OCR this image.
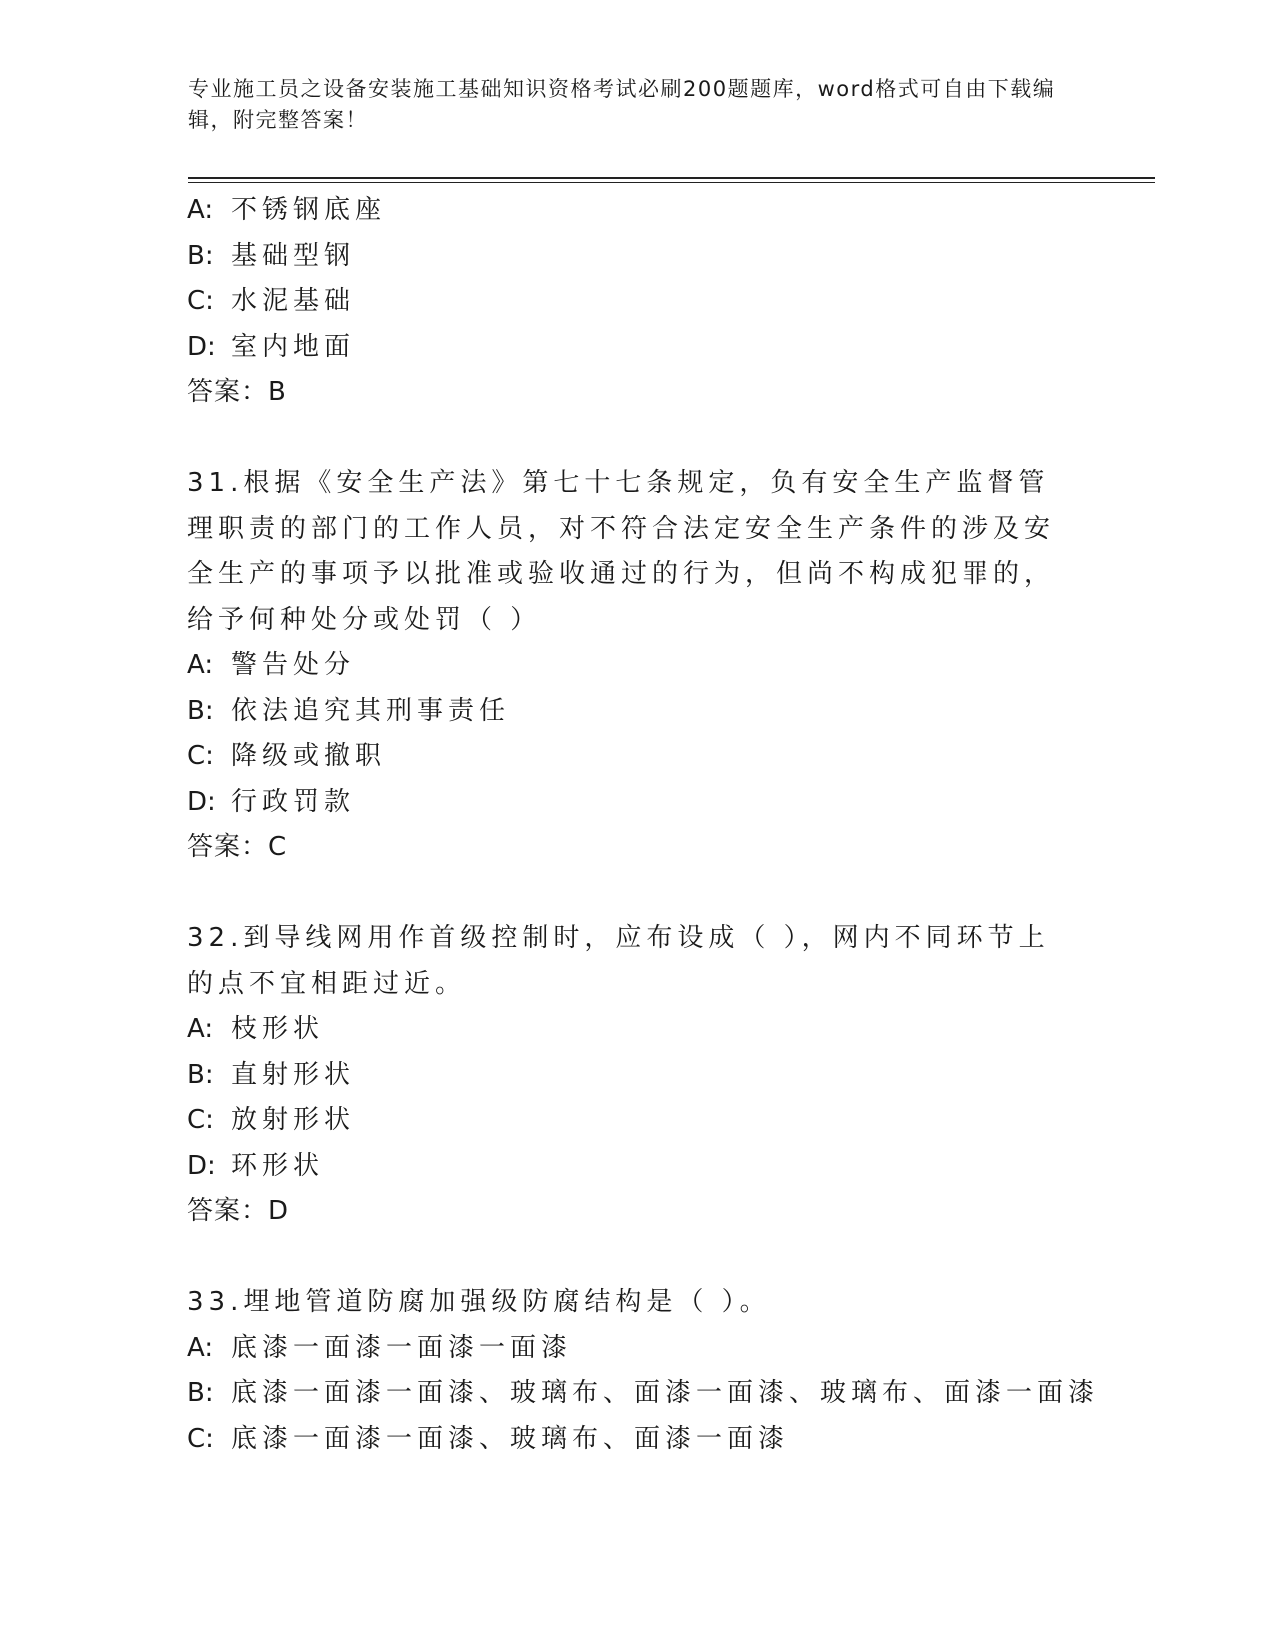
专业施工员之设备安装施工基础知识资格考试必刷200题题库，word格式可自由下载编辑，附完整答案！
A: 不锈钢底座
B: 基础型钢
C: 水泥基础
D: 室内地面
答案：B
31.根据《安全生产法》第七十七条规定，负有安全生产监督管理职责的部门的工作人员，对不符合法定安全生产条件的涉及安全生产的事项予以批准或验收通过的行为，但尚不构成犯罪的，给予何种处分或处罚（ ）
A: 警告处分
B: 依法追究其刑事责任
C: 降级或撤职
D: 行政罚款
答案：C
32.到导线网用作首级控制时，应布设成（ ），网内不同环节上的点不宜相距过近。
A: 枝形状
B: 直射形状
C: 放射形状
D: 环形状
答案：D
33.埋地管道防腐加强级防腐结构是（ ）。
A: 底漆一面漆一面漆一面漆
B: 底漆一面漆一面漆、玻璃布、面漆一面漆、玻璃布、面漆一面漆
C: 底漆一面漆一面漆、玻璃布、面漆一面漆
